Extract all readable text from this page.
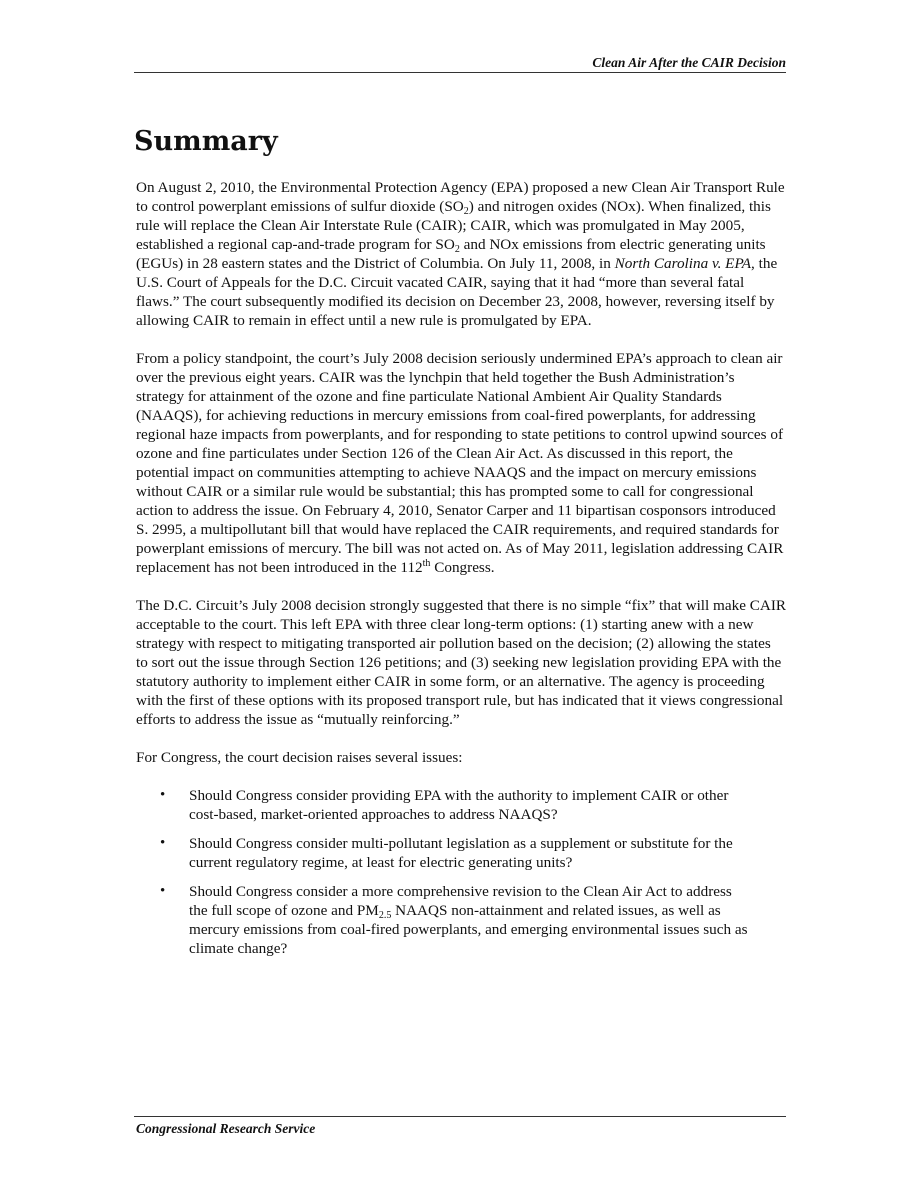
Clean Air After the CAIR Decision
Summary

On August 2, 2010, the Environmental Protection Agency (EPA) proposed a new Clean Air Transport Rule to control powerplant emissions of sulfur dioxide $(SO_2)$ and nitrogen oxides (NOx). When finalized, this rule will replace the Clean Air Interstate Rule (CAIR); CAIR, which was promulgated in May 2005, established a regional cap-and-trade program for $SO_2$ and NOx emissions from electric generating units (EGUs) in 28 eastern states and the District of Columbia. On July 11, 2008, in North Carolina v. EPA, the U.S. Court of Appeals for the D.C. Circuit vacated CAIR, saying that it had “more than several fatal flaws.” The court subsequently modified its decision on December 23, 2008, however, reversing itself by allowing CAIR to remain in effect until a new rule is promulgated by EPA.

From a policy standpoint, the court’s July 2008 decision seriously undermined EPA’s approach to clean air over the previous eight years. CAIR was the lynchpin that held together the Bush Administration’s strategy for attainment of the ozone and fine particulate National Ambient Air Quality Standards (NAAQS), for achieving reductions in mercury emissions from coal-fired powerplants, for addressing regional haze impacts from powerplants, and for responding to state petitions to control upwind sources of ozone and fine particulates under Section 126 of the Clean Air Act. As discussed in this report, the potential impact on communities attempting to achieve NAAQS and the impact on mercury emissions without CAIR or a similar rule would be substantial; this has prompted some to call for congressional action to address the issue. On February 4, 2010, Senator Carper and 11 bipartisan cosponsors introduced S. 2995, a multipollutant bill that would have replaced the CAIR requirements, and required standards for powerplant emissions of mercury. The bill was not acted on. As of May 2011, legislation addressing CAIR replacement has not been introduced in the 112th Congress.

The D.C. Circuit’s July 2008 decision strongly suggested that there is no simple “fix” that will make CAIR acceptable to the court. This left EPA with three clear long-term options: (1) starting anew with a new strategy with respect to mitigating transported air pollution based on the decision; (2) allowing the states to sort out the issue through Section 126 petitions; and (3) seeking new legislation providing EPA with the statutory authority to implement either CAIR in some form, or an alternative. The agency is proceeding with the first of these options with its proposed transport rule, but has indicated that it views congressional efforts to address the issue as “mutually reinforcing.”

For Congress, the court decision raises several issues:

• Should Congress consider providing EPA with the authority to implement CAIR or other cost-based, market-oriented approaches to address NAAQS?
• Should Congress consider multi-pollutant legislation as a supplement or substitute for the current regulatory regime, at least for electric generating units?
• Should Congress consider a more comprehensive revision to the Clean Air Act to address the full scope of ozone and $PM_{2.5}$ NAAQS non-attainment and related issues, as well as mercury emissions from coal-fired powerplants, and emerging environmental issues such as climate change?
Congressional Research Service
